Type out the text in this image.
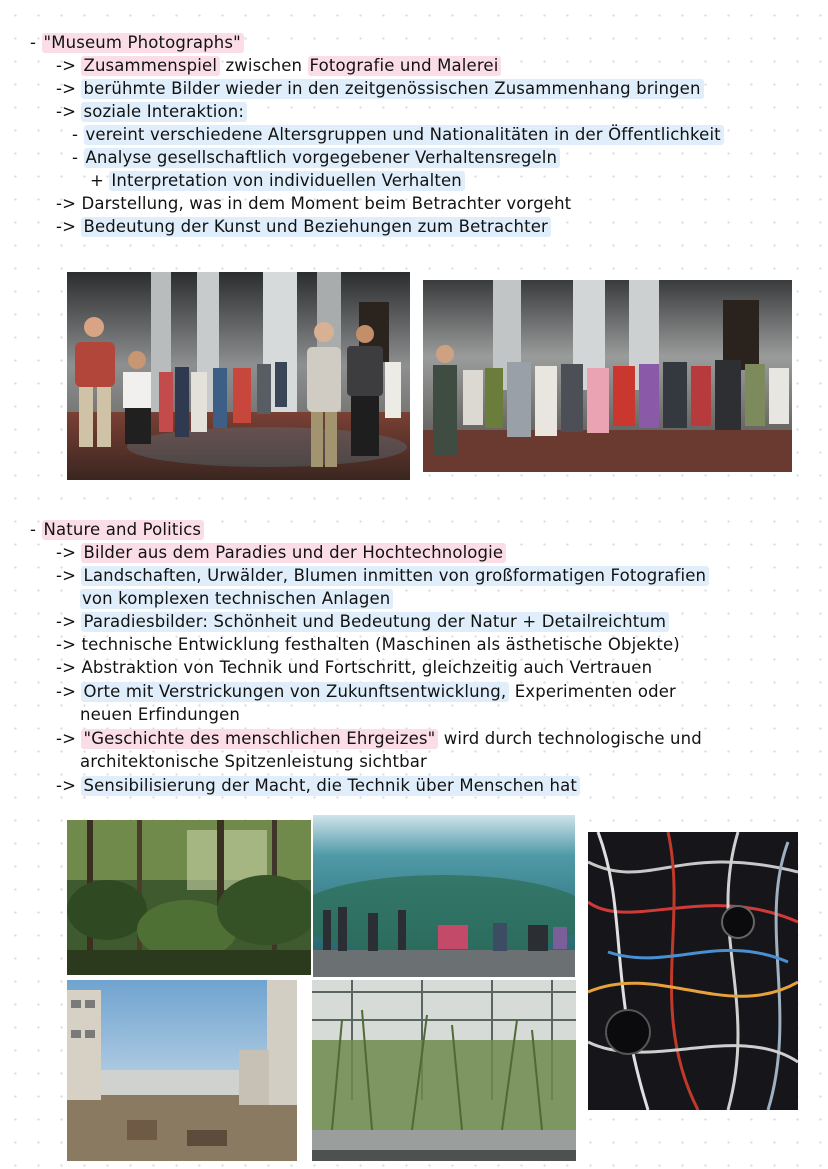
- "Museum Photographs"
-> Zusammenspiel zwischen Fotografie und Malerei
-> berühmte Bilder wieder in den zeitgenössischen Zusammenhang bringen
-> soziale Interaktion:
- vereint verschiedene Altersgruppen und Nationalitäten in der Öffentlichkeit
- Analyse gesellschaftlich vorgegebener Verhaltensregeln
+ Interpretation von individuellen Verhalten
-> Darstellung, was in dem Moment beim Betrachter vorgeht
-> Bedeutung der Kunst und Beziehungen zum Betrachter
- Nature and Politics
-> Bilder aus dem Paradies und der Hochtechnologie
-> Landschaften, Urwälder, Blumen inmitten von großformatigen Fotografien
von komplexen technischen Anlagen
-> Paradiesbilder: Schönheit und Bedeutung der Natur + Detailreichtum
-> technische Entwicklung festhalten (Maschinen als ästhetische Objekte)
-> Abstraktion von Technik und Fortschritt, gleichzeitig auch Vertrauen
-> Orte mit Verstrickungen von Zukunftsentwicklung, Experimenten oder
neuen Erfindungen
-> "Geschichte des menschlichen Ehrgeizes" wird durch technologische und
architektonische Spitzenleistung sichtbar
-> Sensibilisierung der Macht, die Technik über Menschen hat
